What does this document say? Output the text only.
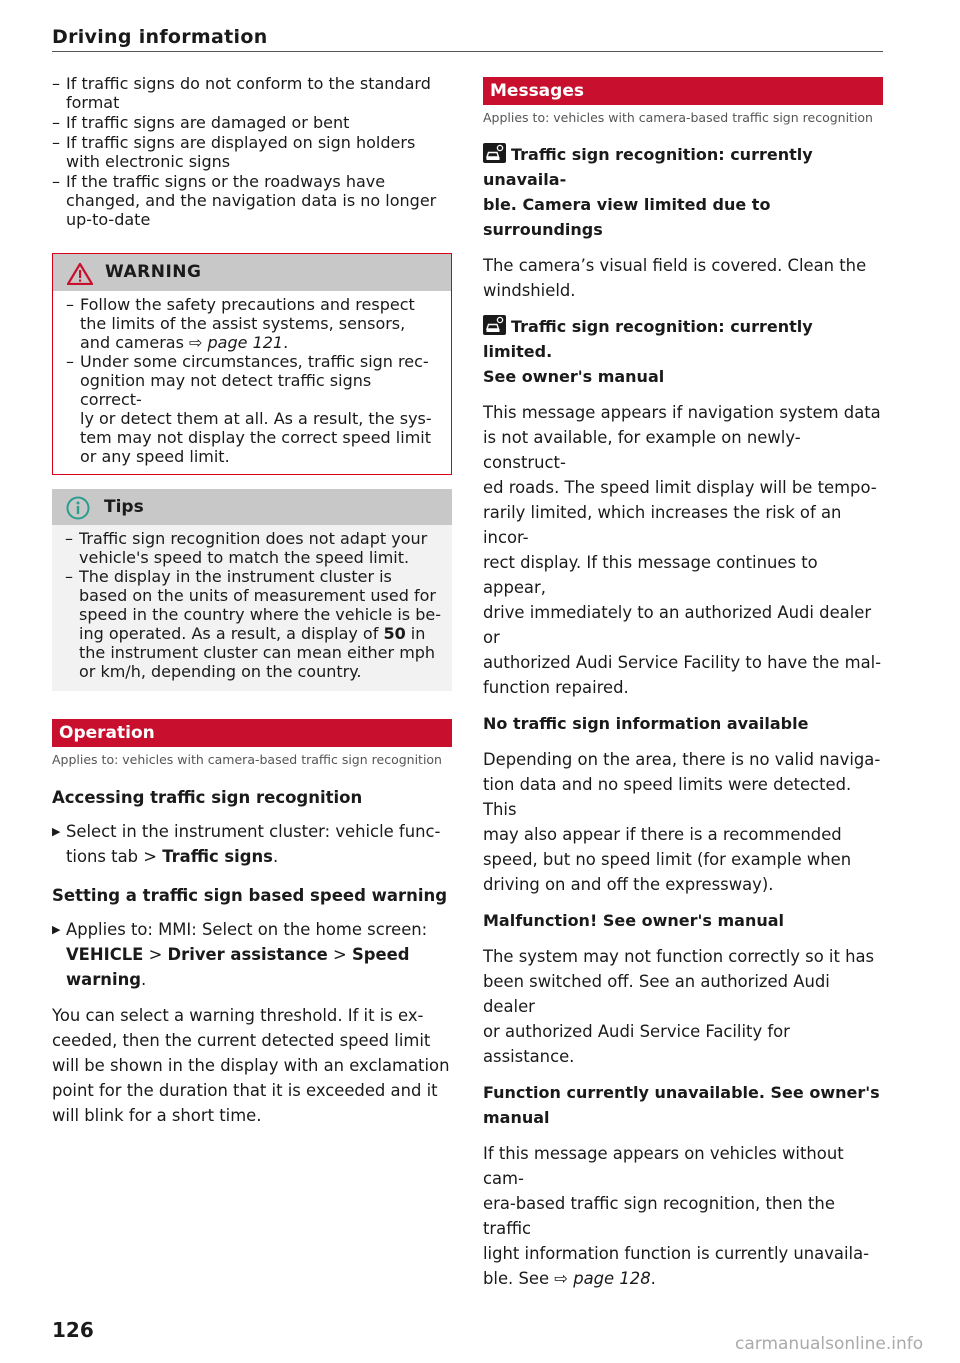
Driving information
– If traffic signs do not conform to the standard
format
– If traffic signs are damaged or bent
– If traffic signs are displayed on sign holders
with electronic signs
– If the traffic signs or the roadways have
changed, and the navigation data is no longer
up-to-date
WARNING
– Follow the safety precautions and respect
the limits of the assist systems, sensors,
and cameras ⇨ page 121.
– Under some circumstances, traffic sign rec-
ognition may not detect traffic signs correct-
ly or detect them at all. As a result, the sys-
tem may not display the correct speed limit
or any speed limit.
Tips
– Traffic sign recognition does not adapt your
vehicle's speed to match the speed limit.
– The display in the instrument cluster is
based on the units of measurement used for
speed in the country where the vehicle is be-
ing operated. As a result, a display of 50 in
the instrument cluster can mean either mph
or km/h, depending on the country.
Operation
Applies to: vehicles with camera-based traffic sign recognition
Accessing traffic sign recognition
▶ Select in the instrument cluster: vehicle func-
tions tab > Traffic signs.
Setting a traffic sign based speed warning
▶ Applies to: MMI: Select on the home screen:
VEHICLE > Driver assistance > Speed warning.

You can select a warning threshold. If it is ex-
ceeded, then the current detected speed limit
will be shown in the display with an exclamation
point for the duration that it is exceeded and it
will blink for a short time.

Messages
Applies to: vehicles with camera-based traffic sign recognition
Traffic sign recognition: currently unavaila-
ble. Camera view limited due to surroundings

The camera’s visual field is covered. Clean the
windshield.

Traffic sign recognition: currently limited.
See owner's manual

This message appears if navigation system data
is not available, for example on newly-construct-
ed roads. The speed limit display will be tempo-
rarily limited, which increases the risk of an incor-
rect display. If this message continues to appear,
drive immediately to an authorized Audi dealer or
authorized Audi Service Facility to have the mal-
function repaired.

No traffic sign information available

Depending on the area, there is no valid naviga-
tion data and no speed limits were detected. This
may also appear if there is a recommended
speed, but no speed limit (for example when
driving on and off the expressway).

Malfunction! See owner's manual

The system may not function correctly so it has
been switched off. See an authorized Audi dealer
or authorized Audi Service Facility for assistance.

Function currently unavailable. See owner's
manual

If this message appears on vehicles without cam-
era-based traffic sign recognition, then the traffic
light information function is currently unavaila-
ble. See ⇨ page 128.

126
carmanualsonline.info
